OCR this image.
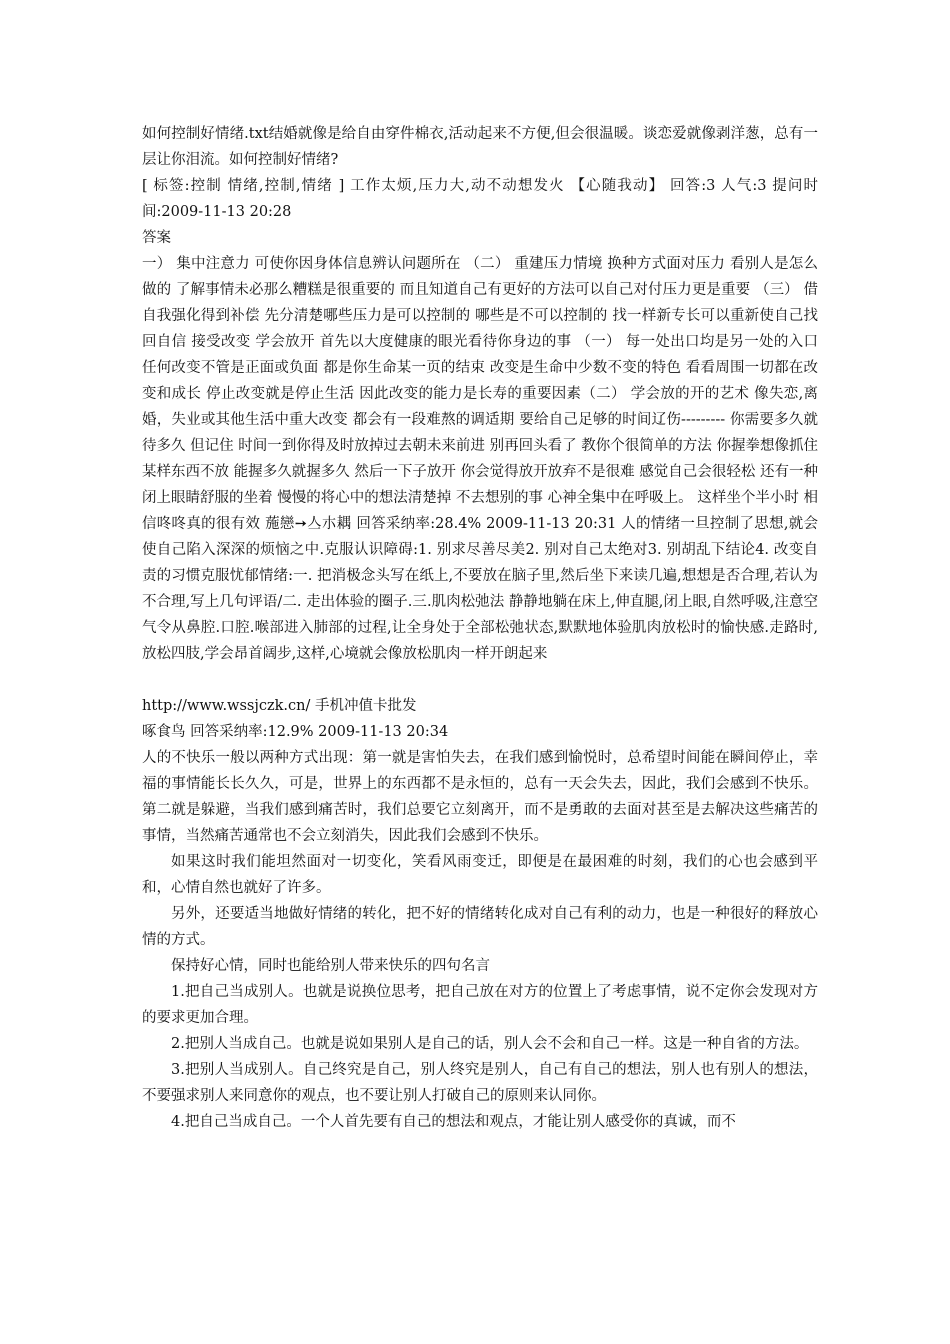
如何控制好情绪.txt结婚就像是给自由穿件棉衣,活动起来不方便,但会很温暖。谈恋爱就像剥洋葱，总有一层让你泪流。如何控制好情绪?

[ 标签:控制 情绪,控制,情绪 ] 工作太烦,压力大,动不动想发火 【心随我动】 回答:3 人气:3 提问时间:2009-11-13 20:28

答案

一） 集中注意力 可使你因身体信息辨认问题所在 （二） 重建压力情境 换种方式面对压力 看别人是怎么做的 了解事情未必那么糟糕是很重要的 而且知道自己有更好的方法可以自己对付压力更是重要 （三） 借自我强化得到补偿 先分清楚哪些压力是可以控制的 哪些是不可以控制的 找一样新专长可以重新使自己找回自信 接受改变 学会放开 首先以大度健康的眼光看待你身边的事 （一） 每一处出口均是另一处的入口 任何改变不管是正面或负面 都是你生命某一页的结束 改变是生命中少数不变的特色 看看周围一切都在改变和成长 停止改变就是停止生活 因此改变的能力是长寿的重要因素（二） 学会放的开的艺术 像失恋,离婚，失业或其他生活中重大改变 都会有一段难熬的调适期 要给自己足够的时间辽伤--------- 你需要多久就待多久 但记住 时间一到你得及时放掉过去朝未来前进 别再回头看了 教你个很简单的方法 你握拳想像抓住某样东西不放 能握多久就握多久 然后一下子放开 你会觉得放开放弃不是很难 感觉自己会很轻松 还有一种 闭上眼睛舒服的坐着 慢慢的将心中的想法清楚掉 不去想别的事 心神全集中在呼吸上。 这样坐个半小时 相信咚咚真的很有效 葹戀➙亼朩耦 回答采纳率:28.4% 2009-11-13 20:31 人的情绪一旦控制了思想,就会使自己陷入深深的烦恼之中.克服认识障碍:1. 别求尽善尽美2. 别对自己太绝对3. 别胡乱下结论4. 改变自责的习惯克服忧郁情绪:一. 把消极念头写在纸上,不要放在脑子里,然后坐下来读几遍,想想是否合理,若认为不合理,写上几句评语/二. 走出体验的圈子.三.肌肉松弛法 静静地躺在床上,伸直腿,闭上眼,自然呼吸,注意空气令从鼻腔.口腔.喉部进入肺部的过程,让全身处于全部松弛状态,默默地体验肌肉放松时的愉快感.走路时,放松四肢,学会昂首阔步,这样,心境就会像放松肌肉一样开朗起来

http://www.wssjczk.cn/ 手机冲值卡批发

啄食鸟 回答采纳率:12.9% 2009-11-13 20:34

人的不快乐一般以两种方式出现：第一就是害怕失去，在我们感到愉悦时，总希望时间能在瞬间停止，幸福的事情能长长久久，可是，世界上的东西都不是永恒的，总有一天会失去，因此，我们会感到不快乐。第二就是躲避，当我们感到痛苦时，我们总要它立刻离开，而不是勇敢的去面对甚至是去解决这些痛苦的事情，当然痛苦通常也不会立刻消失，因此我们会感到不快乐。

如果这时我们能坦然面对一切变化，笑看风雨变迁，即便是在最困难的时刻，我们的心也会感到平和，心情自然也就好了许多。

另外，还要适当地做好情绪的转化，把不好的情绪转化成对自己有利的动力，也是一种很好的释放心情的方式。

保持好心情，同时也能给别人带来快乐的四句名言

1.把自己当成别人。也就是说换位思考，把自己放在对方的位置上了考虑事情，说不定你会发现对方的要求更加合理。

2.把别人当成自己。也就是说如果别人是自己的话，别人会不会和自己一样。这是一种自省的方法。

3.把别人当成别人。自己终究是自己，别人终究是别人，自己有自己的想法，别人也有别人的想法，不要强求别人来同意你的观点，也不要让别人打破自己的原则来认同你。

4.把自己当成自己。一个人首先要有自己的想法和观点，才能让别人感受你的真诚，而不
